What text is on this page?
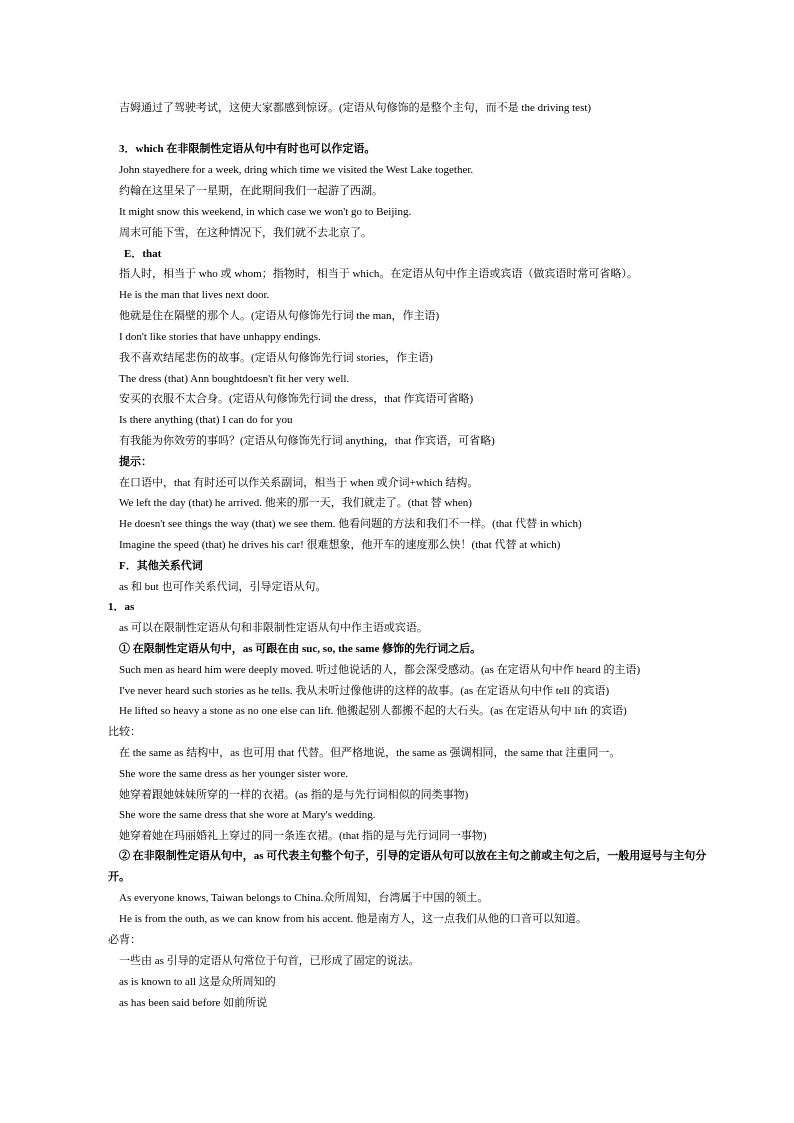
吉姆通过了驾驶考试，这使大家都感到惊讶。(定语从句修饰的是整个主句，而不是 the driving test)
3．which 在非限制性定语从句中有时也可以作定语。
John stayedhere for a week, dring which time we visited the West Lake together.
约翰在这里呆了一星期，在此期间我们一起游了西湖。
It might snow this weekend, in which case we won't go to Beijing.
周末可能下雪，在这种情况下，我们就不去北京了。
E．that
指人时，相当于 who 或 whom；指物时，相当于 which。在定语从句中作主语或宾语（做宾语时常可省略）。
He is the man that lives next door.
他就是住在隔壁的那个人。(定语从句修饰先行词 the man，作主语)
I don't like stories that have unhappy endings.
我不喜欢结尾悲伤的故事。(定语从句修饰先行词 stories，作主语)
The dress (that) Ann boughtdoesn't fit her very well.
安买的衣服不太合身。(定语从句修饰先行词 the dress，that 作宾语可省略)
Is there anything (that) I can do for you
有我能为你效劳的事吗？(定语从句修饰先行词 anything，that 作宾语，可省略)
提示：
在口语中，that 有时还可以作关系副词，相当于 when 或介词+which 结构。
We left the day (that) he arrived. 他来的那一天，我们就走了。(that 替 when)
He doesn't see things the way (that) we see them. 他看问题的方法和我们不一样。(that 代替 in which)
Imagine the speed (that) he drives his car! 很难想象，他开车的速度那么快！(that 代替 at which)
F．其他关系代词
as 和 but 也可作关系代词，引导定语从句。
1．as
as 可以在限制性定语从句和非限制性定语从句中作主语或宾语。
① 在限制性定语从句中，as 可跟在由 suc, so, the same 修饰的先行词之后。
Such men as heard him were deeply moved. 听过他说话的人，都会深受感动。(as 在定语从句中作 heard 的主语)
I've never heard such stories as he tells. 我从未听过像他讲的这样的故事。(as 在定语从句中作 tell 的宾语)
He lifted so heavy a stone as no one else can lift. 他搬起别人都搬不起的大石头。(as 在定语从句中 lift 的宾语)
比较：
在 the same as 结构中，as 也可用 that 代替。但严格地说，the same as 强调相同，the same that 注重同一。
She wore the same dress as her younger sister wore.
她穿着跟她妹妹所穿的一样的衣裙。(as 指的是与先行词相似的同类事物)
She wore the same dress that she wore at Mary's wedding.
她穿着她在玛丽婚礼上穿过的同一条连衣裙。(that 指的是与先行词同一事物)
② 在非限制性定语从句中，as 可代表主句整个句子，引导的定语从句可以放在主句之前或主句之后，一般用逗号与主句分开。
As everyone knows, Taiwan belongs to China.众所周知，台湾属于中国的领土。
He is from the outh, as we can know from his accent. 他是南方人，这一点我们从他的口音可以知道。
必背：
一些由 as 引导的定语从句常位于句首，已形成了固定的说法。
as is known to all 这是众所周知的
as has been said before 如前所说
